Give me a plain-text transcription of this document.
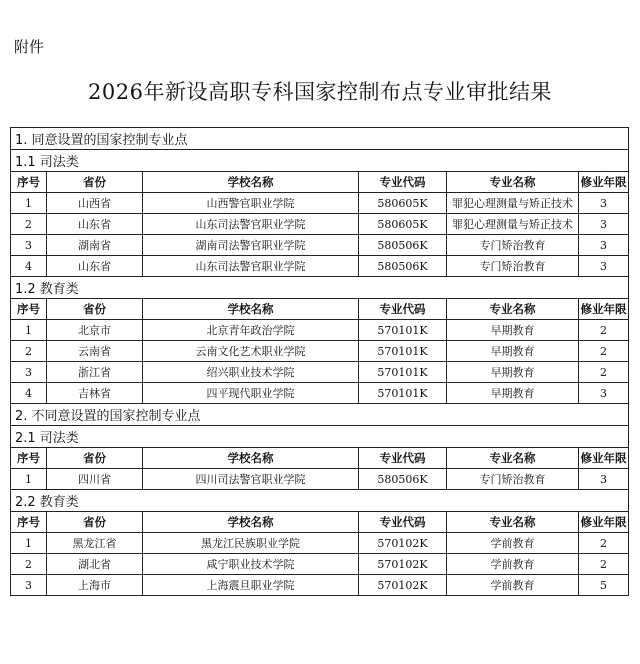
附件
2026年新设高职专科国家控制布点专业审批结果
1. 同意设置的国家控制专业点					
1.1 司法类					
序号	省份	学校名称	专业代码	专业名称	修业年限
1	山西省	山西警官职业学院	580605K	罪犯心理测量与矫正技术	3
2	山东省	山东司法警官职业学院	580605K	罪犯心理测量与矫正技术	3
3	湖南省	湖南司法警官职业学院	580506K	专门矫治教育	3
4	山东省	山东司法警官职业学院	580506K	专门矫治教育	3
1.2 教育类					
序号	省份	学校名称	专业代码	专业名称	修业年限
1	北京市	北京青年政治学院	570101K	早期教育	2
2	云南省	云南文化艺术职业学院	570101K	早期教育	2
3	浙江省	绍兴职业技术学院	570101K	早期教育	2
4	吉林省	四平现代职业学院	570101K	早期教育	3
2. 不同意设置的国家控制专业点					
2.1 司法类					
序号	省份	学校名称	专业代码	专业名称	修业年限
1	四川省	四川司法警官职业学院	580506K	专门矫治教育	3
2.2 教育类					
序号	省份	学校名称	专业代码	专业名称	修业年限
1	黑龙江省	黑龙江民族职业学院	570102K	学前教育	2
2	湖北省	咸宁职业技术学院	570102K	学前教育	2
3	上海市	上海震旦职业学院	570102K	学前教育	5
